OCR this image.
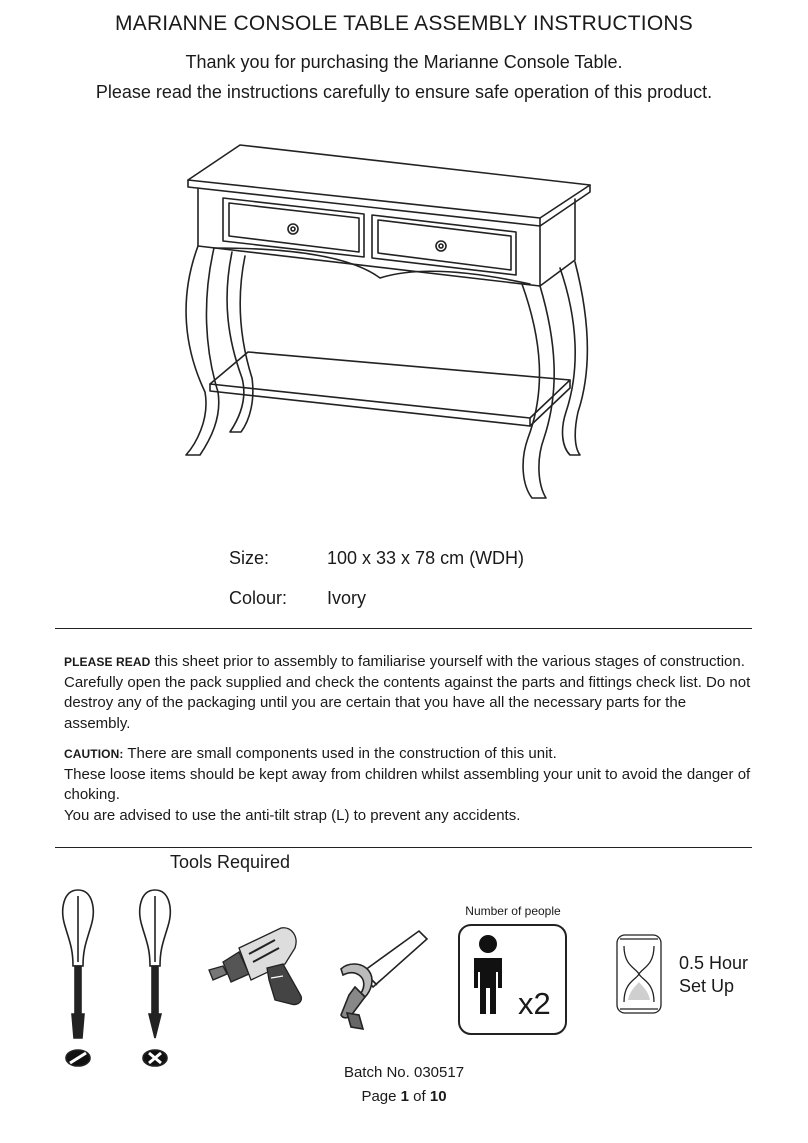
MARIANNE CONSOLE TABLE ASSEMBLY INSTRUCTIONS
Thank you for purchasing the Marianne Console Table.
Please read the instructions carefully to ensure safe operation of this product.
Size:	100 x 33 x 78 cm (WDH)
Colour: Ivory
PLEASE READ this sheet prior to assembly to familiarise yourself with the various stages of construction. Carefully open the pack supplied and check the contents against the parts and fittings check list. Do not destroy any of the packaging until you are certain that you have all the necessary parts for the assembly.
CAUTION: There are small components used in the construction of this unit.
These loose items should be kept away from children whilst assembling your unit to avoid the danger of choking.
You are advised to use the anti-tilt strap (L) to prevent any accidents.
Tools Required
Number of people
x2
0.5 Hour
Set Up
Batch No. 030517
Page 1 of 10
